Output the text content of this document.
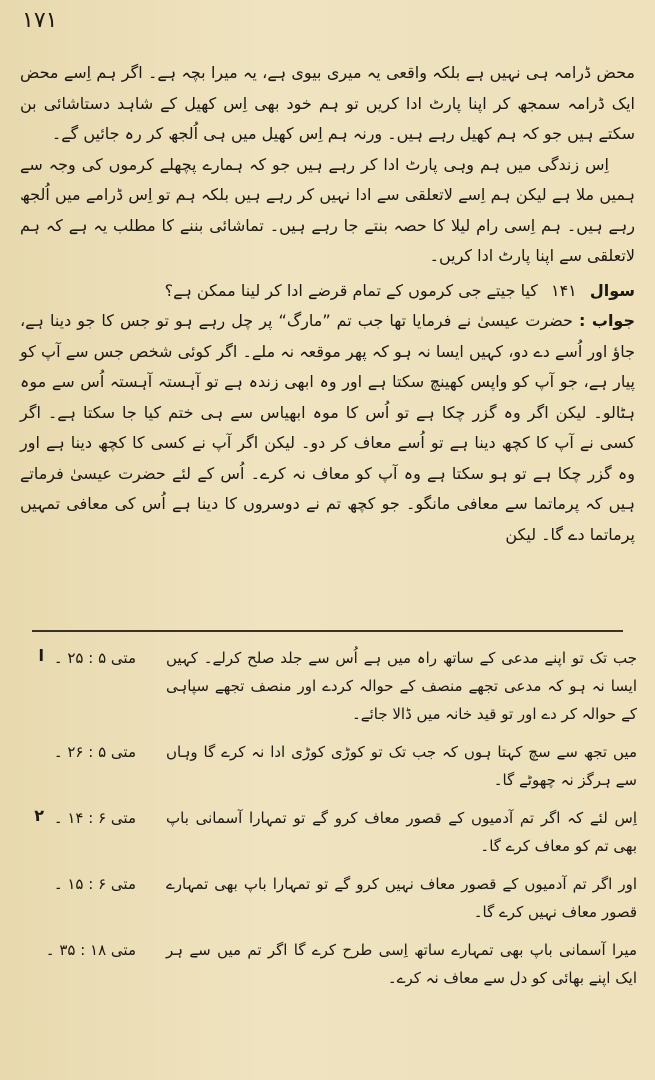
۱۷۱

محض ڈرامہ ہی نہیں ہے بلکہ واقعی یہ میری بیوی ہے، یہ میرا بچہ ہے۔ اگر ہم اِسے محض ایک ڈرامہ سمجھ کر اپنا پارٹ ادا کریں تو ہم خود بھی اِس کھیل کے شاہد دستاشائی بن سکتے ہیں جو کہ ہم کھیل رہے ہیں۔ ورنہ ہم اِس کھیل میں ہی اُلجھ کر رہ جائیں گے۔

اِس زندگی میں ہم وہی پارٹ ادا کر رہے ہیں جو کہ ہمارے پچھلے کرموں کی وجہ سے ہمیں ملا ہے لیکن ہم اِسے لاتعلقی سے ادا نہیں کر رہے ہیں بلکہ ہم تو اِس ڈرامے میں اُلجھ رہے ہیں۔ ہم اِسی رام لیلا کا حصہ بنتے جا رہے ہیں۔ تماشائی بننے کا مطلب یہ ہے کہ ہم لاتعلقی سے اپنا پارٹ ادا کریں۔

سوال ۱۴۱ کیا جیتے جی کرموں کے تمام قرضے ادا کر لینا ممکن ہے؟

جواب : حضرت عیسیٰ نے فرمایا تھا جب تم ”مارگ“ پر چل رہے ہو تو جس کا جو دینا ہے، جاؤ اور اُسے دے دو، کہیں ایسا نہ ہو کہ پھر موقعہ نہ ملے۔ اگر کوئی شخص جس سے آپ کو پیار ہے، جو آپ کو واپس کھینچ سکتا ہے اور وہ ابھی زندہ ہے تو آہستہ آہستہ اُس سے موہ ہٹالو۔ لیکن اگر وہ گزر چکا ہے تو اُس کا موہ ابھیاس سے ہی ختم کیا جا سکتا ہے۔ اگر کسی نے آپ کا کچھ دینا ہے تو اُسے معاف کر دو۔ لیکن اگر آپ نے کسی کا کچھ دینا ہے اور وہ گزر چکا ہے تو ہو سکتا ہے وہ آپ کو معاف نہ کرے۔ اُس کے لئے حضرت عیسیٰ فرماتے ہیں کہ پرماتما سے معافی مانگو۔ جو کچھ تم نے دوسروں کا دینا ہے اُس کی معافی تمہیں پرماتما دے گا۔ لیکن

جب تک تو اپنے مدعی کے ساتھ راہ میں ہے اُس سے جلد صلح کرلے۔ کہیں ایسا نہ ہو کہ مدعی تجھے منصف کے حوالہ کردے اور منصف تجھے سپاہی کے حوالہ کر دے اور تو قید خانہ میں ڈالا جائے۔
متی ۵ : ۲۵ ۔
ا
میں تجھ سے سچ کہتا ہوں کہ جب تک تو کوڑی کوڑی ادا نہ کرے گا وہاں سے ہرگز نہ چھوٹے گا۔
متی ۵ : ۲۶ ۔
اِس لئے کہ اگر تم آدمیوں کے قصور معاف کرو گے تو تمہارا آسمانی باپ بھی تم کو معاف کرے گا۔
متی ۶ : ۱۴ ۔
۲
اور اگر تم آدمیوں کے قصور معاف نہیں کرو گے تو تمہارا باپ بھی تمہارے قصور معاف نہیں کرے گا۔
متی ۶ : ۱۵ ۔
میرا آسمانی باپ بھی تمہارے ساتھ اِسی طرح کرے گا اگر تم میں سے ہر ایک اپنے بھائی کو دل سے معاف نہ کرے۔
متی ۱۸ : ۳۵ ۔
